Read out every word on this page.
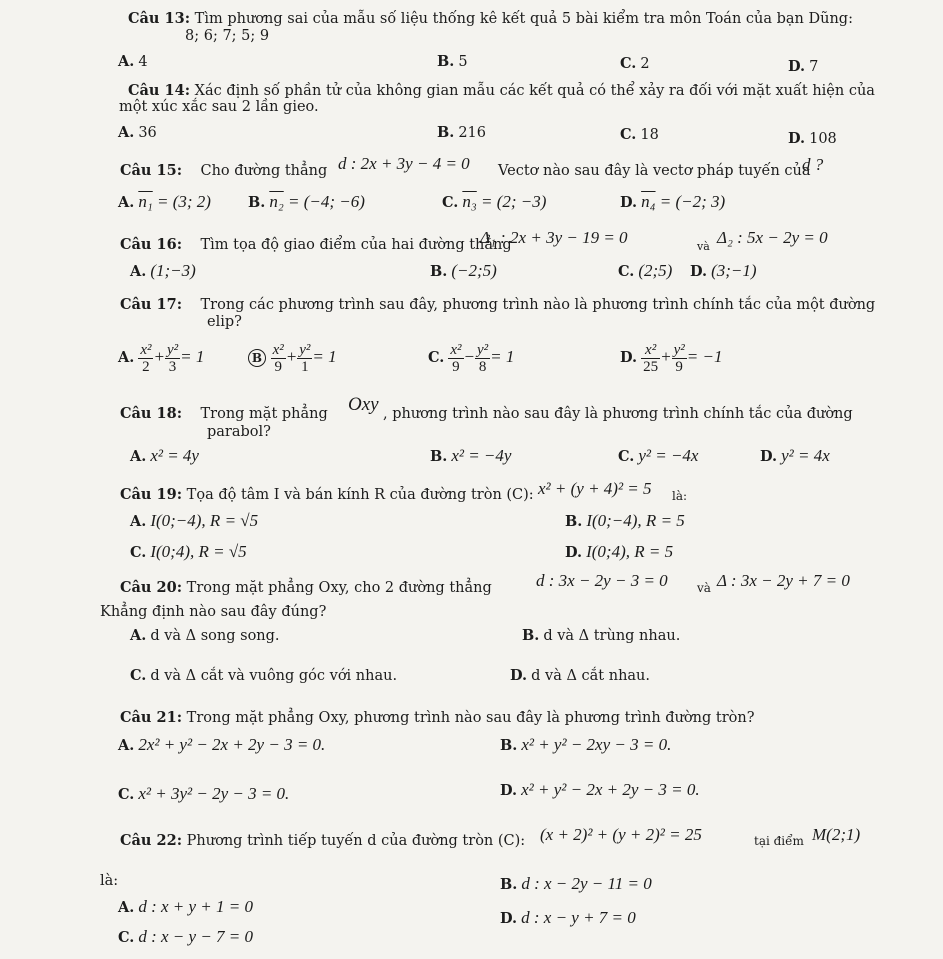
Câu 13: Tìm phương sai của mẫu số liệu thống kê kết quả 5 bài kiểm tra môn Toán của bạn Dũng:
8; 6; 7; 5; 9
A. 4	B. 5	C. 2	D. 7
Câu 14: Xác định số phần tử của không gian mẫu các kết quả có thể xảy ra đối với mặt xuất hiện của
một xúc xắc sau 2 lần gieo.
A. 36	B. 216	C. 18	D. 108
Câu 15: Cho đường thẳng d : 2x + 3y − 4 = 0 Vectơ nào sau đây là vectơ pháp tuyến của
d ?
A. n₁ = (3; 2)	B. n₂ = (−4; −6)	C. n₃ = (2; −3)	D. n₄ = (−2; 3)
Câu 16: Tìm tọa độ giao điểm của hai đường thẳng
Δ₁ : 2x + 3y − 19 = 0	và Δ₂ : 5x − 2y = 0
A. (1;−3)	B. (−2;5)	C. (2;5) D. (3;−1)
Câu 17: Trong các phương trình sau đây, phương trình nào là phương trình chính tắc của một đường
elip?
A. $\frac{\text{x²}}{2} + \frac{\text{y²}}{3} = 1$	B $\frac{\text{x²}}{9} + \frac{\text{y²}}{1} = 1$	C. $\frac{\text{x²}}{9} - \frac{\text{y²}}{8} = 1$	D. $\frac{\text{x²}}{25} + \frac{\text{y²}}{9} = -1$
Câu 18: Trong mặt phẳng Oxy , phương trình nào sau đây là phương trình chính tắc của đường
parabol?
A. x² = 4y	B. x² = −4y	C. y² = −4x	D. y² = 4x
Câu 19: Tọa độ tâm I và bán kính R của đường tròn (C): x² + (y + 4)² = 5 là:
A. I(0;−4), R = √5	B. I(0;−4), R = 5
C. I(0;4), R = √5	D. I(0;4), R = 5
Câu 20: Trong mặt phẳng Oxy, cho 2 đường thẳng	d : 3x − 2y − 3 = 0 và Δ : 3x − 2y + 7 = 0
Khẳng định nào sau đây đúng?
A. d và Δ song song.	B. d và Δ trùng nhau.
C. d và Δ cắt và vuông góc với nhau.	D. d và Δ cắt nhau.
Câu 21: Trong mặt phẳng Oxy, phương trình nào sau đây là phương trình đường tròn?
A. 2x² + y² − 2x + 2y − 3 = 0.	B. x² + y² − 2xy − 3 = 0.
C. x² + 3y² − 2y − 3 = 0.	D. x² + y² − 2x + 2y − 3 = 0.
Câu 22: Phương trình tiếp tuyến d của đường tròn (C): (x + 2)² + (y + 2)² = 25	tại điểm M(2;1)
là:
A. d : x + y + 1 = 0
B. d : x − 2y − 11 = 0
C. d : x − y − 7 = 0
D. d : x − y + 7 = 0
